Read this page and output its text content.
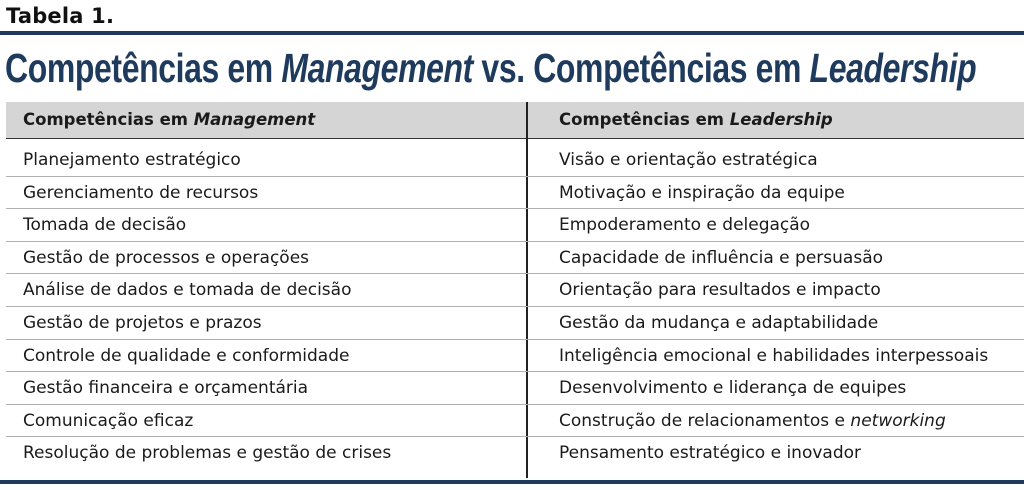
Tabela 1.
Competências em Management vs. Competências em Leadership
Competências em Management	Competências em Leadership
Planejamento estratégico	Visão e orientação estratégica
Gerenciamento de recursos	Motivação e inspiração da equipe
Tomada de decisão	Empoderamento e delegação
Gestão de processos e operações	Capacidade de influência e persuasão
Análise de dados e tomada de decisão	Orientação para resultados e impacto
Gestão de projetos e prazos	Gestão da mudança e adaptabilidade
Controle de qualidade e conformidade	Inteligência emocional e habilidades interpessoais
Gestão financeira e orçamentária	Desenvolvimento e liderança de equipes
Comunicação eficaz	Construção de relacionamentos e networking
Resolução de problemas e gestão de crises	Pensamento estratégico e inovador
